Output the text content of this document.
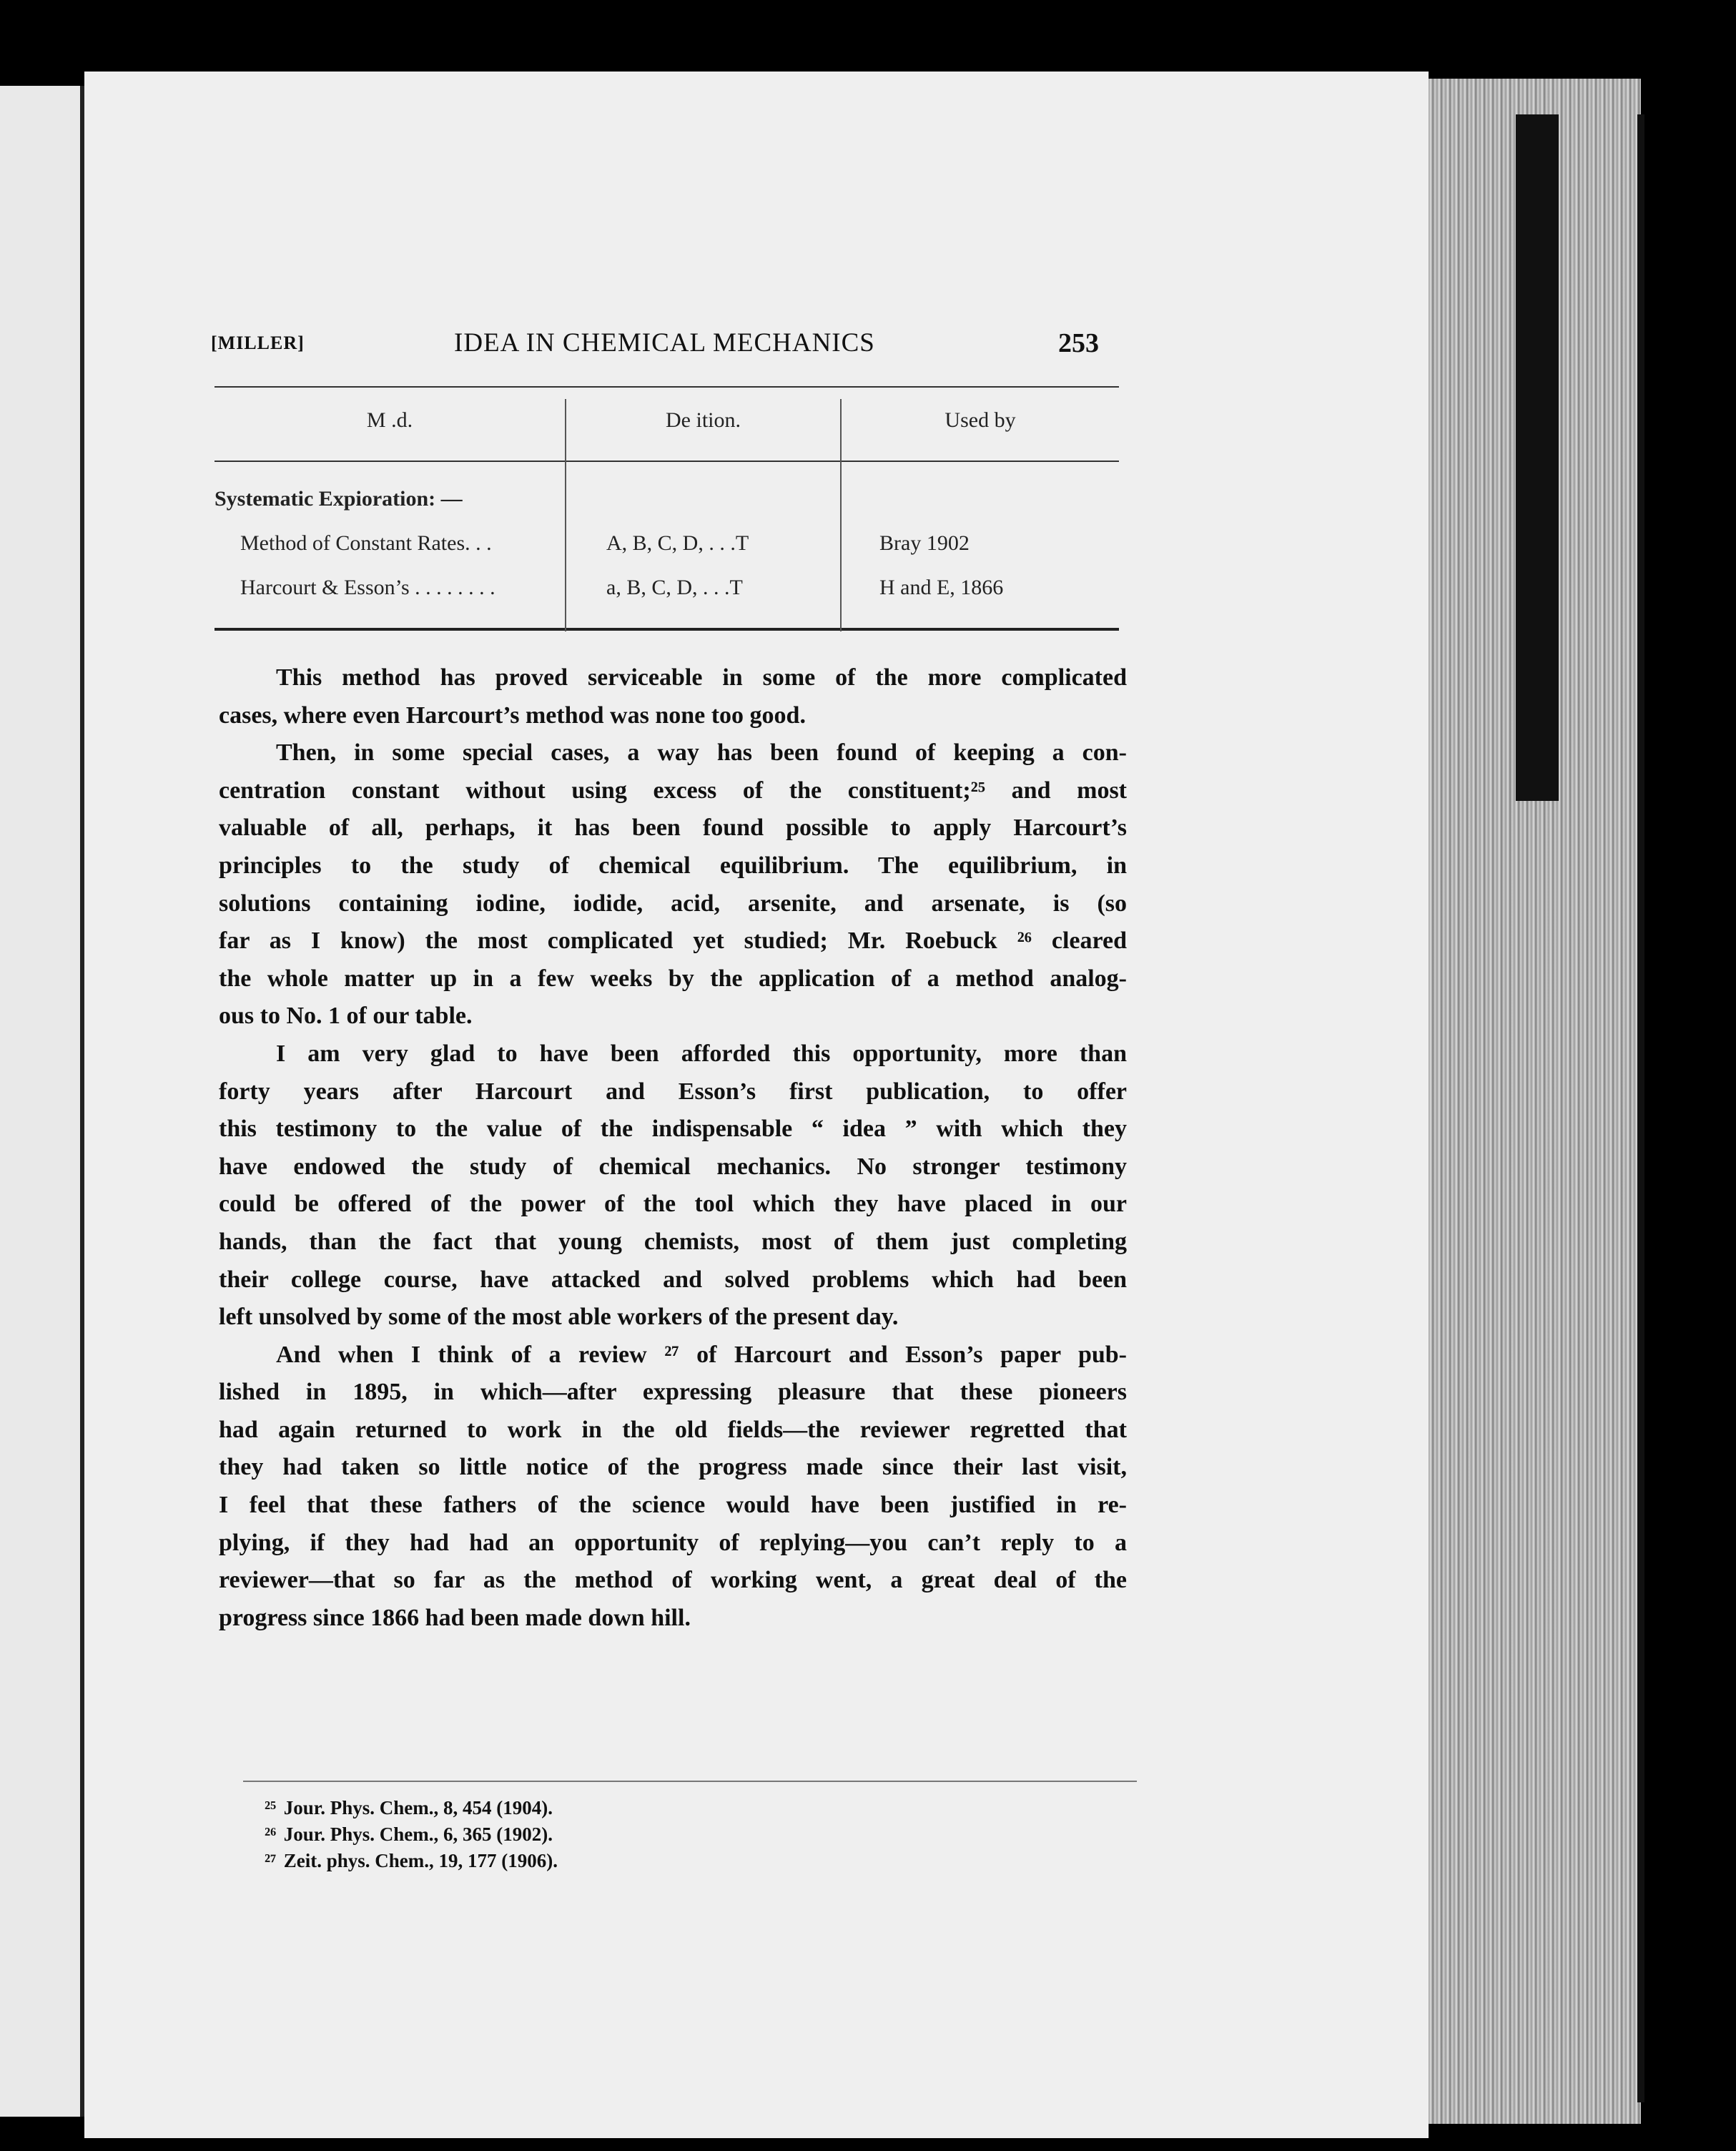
[MILLER]	IDEA IN CHEMICAL MECHANICS	253
M .d.	De ition.	Used by
Systematic Expioration: —
Method of Constant Rates. . .	A, B, C, D, . . .T	Bray 1902
Harcourt & Esson’s . . . . . . . .	a, B, C, D, . . .T	H and E, 1866
This method has proved serviceable in some of the more complicated
cases, where even Harcourt’s method was none too good.
Then, in some special cases, a way has been found of keeping a con-
centration constant without using excess of the constituent;²⁵ and most
valuable of all, perhaps, it has been found possible to apply Harcourt’s
principles to the study of chemical equilibrium. The equilibrium, in
solutions containing iodine, iodide, acid, arsenite, and arsenate, is (so
far as I know) the most complicated yet studied; Mr. Roebuck ²⁶ cleared
the whole matter up in a few weeks by the application of a method analog-
ous to No. 1 of our table.
I am very glad to have been afforded this opportunity, more than
forty years after Harcourt and Esson’s first publication, to offer
this testimony to the value of the indispensable “ idea ” with which they
have endowed the study of chemical mechanics. No stronger testimony
could be offered of the power of the tool which they have placed in our
hands, than the fact that young chemists, most of them just completing
their college course, have attacked and solved problems which had been
left unsolved by some of the most able workers of the present day.
And when I think of a review ²⁷ of Harcourt and Esson’s paper pub-
lished in 1895, in which—after expressing pleasure that these pioneers
had again returned to work in the old fields—the reviewer regretted that
they had taken so little notice of the progress made since their last visit,
I feel that these fathers of the science would have been justified in re-
plying, if they had had an opportunity of replying—you can’t reply to a
reviewer—that so far as the method of working went, a great deal of the
progress since 1866 had been made down hill.
²⁵ Jour. Phys. Chem., 8, 454 (1904).
²⁶ Jour. Phys. Chem., 6, 365 (1902).
²⁷ Zeit. phys. Chem., 19, 177 (1906).
